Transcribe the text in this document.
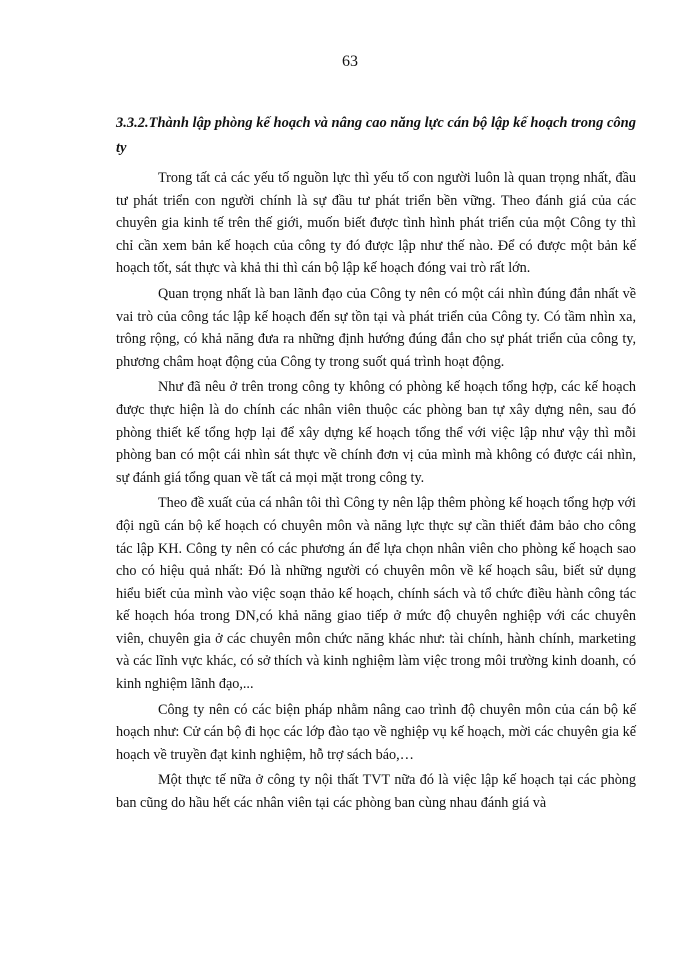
63

3.3.2.Thành lập phòng kế hoạch và nâng cao năng lực cán bộ lập kế hoạch trong công ty

Trong tất cả các yếu tố nguồn lực thì yếu tố con người luôn là quan trọng nhất, đầu tư phát triển con người chính là sự đầu tư phát triển bền vững. Theo đánh giá của các chuyên gia kinh tế trên thế giới, muốn biết được tình hình phát triển của một Công ty thì chỉ cần xem bản kế hoạch của công ty đó được lập như thế nào. Để có được một bản kế hoạch tốt, sát thực và khả thi thì cán bộ lập kế hoạch đóng vai trò rất lớn.

Quan trọng nhất là ban lãnh đạo của Công ty nên có một cái nhìn đúng đắn nhất về vai trò của công tác lập kế hoạch đến sự tồn tại và phát triển của Công ty. Có tầm nhìn xa, trông rộng, có khả năng đưa ra những định hướng đúng đắn cho sự phát triển của công ty, phương châm hoạt động của Công ty trong suốt quá trình hoạt động.

Như đã nêu ở trên trong công ty không có phòng kế hoạch tổng hợp, các kế hoạch được thực hiện là do chính các nhân viên thuộc các phòng ban tự xây dựng nên, sau đó phòng thiết kế tổng hợp lại để xây dựng kế hoạch tổng thể với việc lập như vậy thì mỗi phòng ban có một cái nhìn sát thực về chính đơn vị của mình mà không có được cái nhìn, sự đánh giá tổng quan về tất cả mọi mặt trong công ty.

Theo đề xuất của cá nhân tôi thì Công ty nên lập thêm phòng kế hoạch tổng hợp với đội ngũ cán bộ kế hoạch có chuyên môn và năng lực thực sự cần thiết đảm bảo cho công tác lập KH. Công ty nên có các phương án để lựa chọn nhân viên cho phòng kế hoạch sao cho có hiệu quả nhất: Đó là những người có chuyên môn về kế hoạch sâu, biết sử dụng hiểu biết của mình vào việc soạn thảo kế hoạch, chính sách và tổ chức điều hành công tác kế hoạch hóa trong DN,có khả năng giao tiếp ở mức độ chuyên nghiệp với các chuyên viên, chuyên gia ở các chuyên môn chức năng khác như: tài chính, hành chính, marketing và các lĩnh vực khác, có sở thích và kinh nghiệm làm việc trong môi trường kinh doanh, có kinh nghiệm lãnh đạo,...

Công ty nên có các biện pháp nhằm nâng cao trình độ chuyên môn của cán bộ kế hoạch như: Cử cán bộ đi học các lớp đào tạo về nghiệp vụ kế hoạch, mời các chuyên gia kế hoạch về truyền đạt kinh nghiệm, hỗ trợ sách báo,…

Một thực tế nữa ở công ty nội thất TVT nữa đó là việc lập kế hoạch tại các phòng ban cũng do hầu hết các nhân viên tại các phòng ban cùng nhau đánh giá và
